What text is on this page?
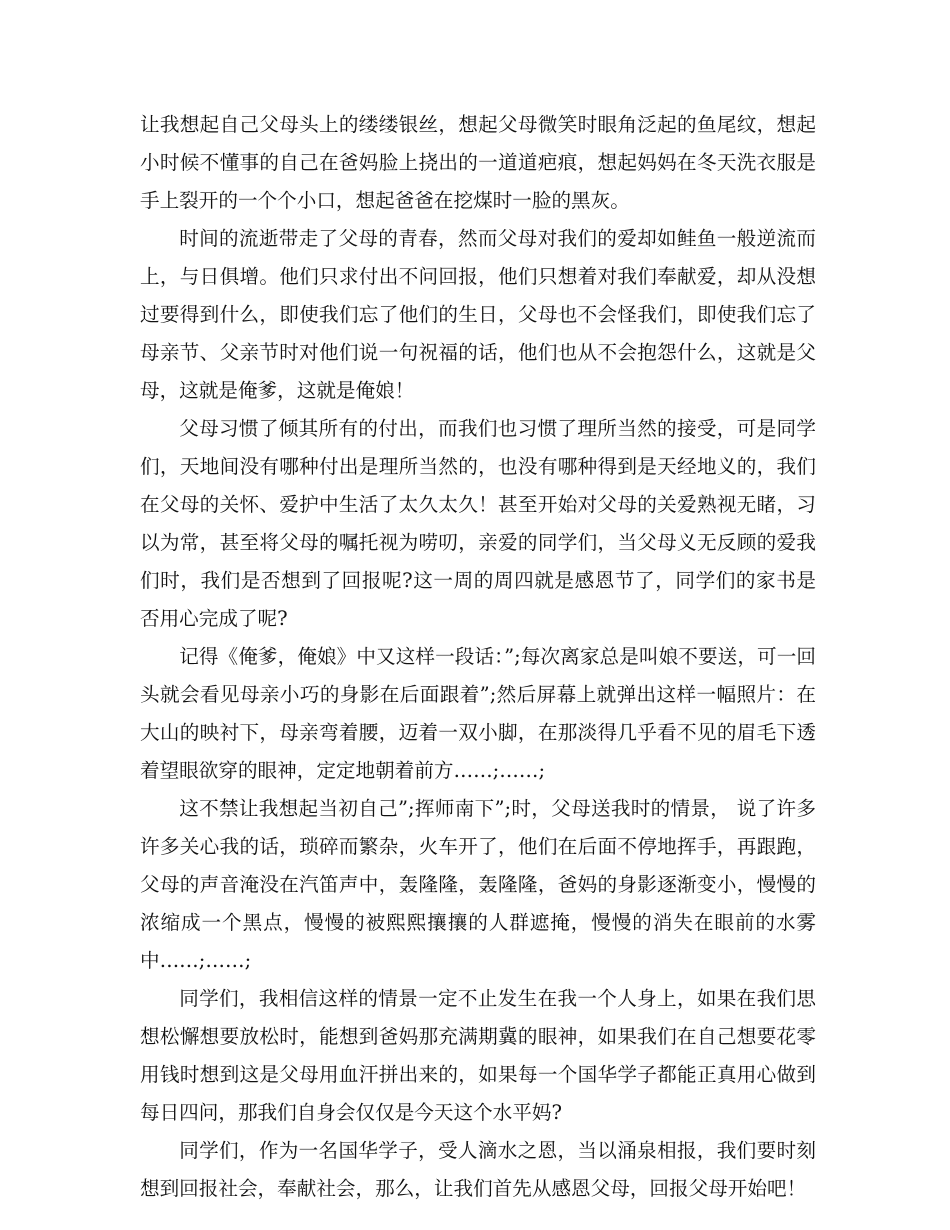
让我想起自己父母头上的缕缕银丝，想起父母微笑时眼角泛起的鱼尾纹，想起小时候不懂事的自己在爸妈脸上挠出的一道道疤痕，想起妈妈在冬天洗衣服是手上裂开的一个个小口，想起爸爸在挖煤时一脸的黑灰。

时间的流逝带走了父母的青春，然而父母对我们的爱却如鲑鱼一般逆流而上，与日俱增。他们只求付出不问回报，他们只想着对我们奉献爱，却从没想过要得到什么，即使我们忘了他们的生日，父母也不会怪我们，即使我们忘了母亲节、父亲节时对他们说一句祝福的话，他们也从不会抱怨什么，这就是父母，这就是俺爹，这就是俺娘！

父母习惯了倾其所有的付出，而我们也习惯了理所当然的接受，可是同学们，天地间没有哪种付出是理所当然的，也没有哪种得到是天经地义的，我们在父母的关怀、爱护中生活了太久太久！甚至开始对父母的关爱熟视无睹，习以为常，甚至将父母的嘱托视为唠叨，亲爱的同学们，当父母义无反顾的爱我们时，我们是否想到了回报呢?这一周的周四就是感恩节了，同学们的家书是否用心完成了呢?

记得《俺爹，俺娘》中又这样一段话：”;每次离家总是叫娘不要送，可一回头就会看见母亲小巧的身影在后面跟着”;然后屏幕上就弹出这样一幅照片：在大山的映衬下，母亲弯着腰，迈着一双小脚，在那淡得几乎看不见的眉毛下透着望眼欲穿的眼神，定定地朝着前方……;……;

这不禁让我想起当初自己”;挥师南下”;时，父母送我时的情景， 说了许多许多关心我的话，琐碎而繁杂，火车开了，他们在后面不停地挥手，再跟跑，父母的声音淹没在汽笛声中，轰隆隆，轰隆隆，爸妈的身影逐渐变小，慢慢的浓缩成一个黑点，慢慢的被熙熙攘攘的人群遮掩，慢慢的消失在眼前的水雾中……;……;

同学们，我相信这样的情景一定不止发生在我一个人身上，如果在我们思想松懈想要放松时，能想到爸妈那充满期冀的眼神，如果我们在自己想要花零用钱时想到这是父母用血汗拼出来的，如果每一个国华学子都能正真用心做到每日四问，那我们自身会仅仅是今天这个水平妈?

同学们，作为一名国华学子，受人滴水之恩，当以涌泉相报，我们要时刻想到回报社会，奉献社会，那么，让我们首先从感恩父母，回报父母开始吧！
